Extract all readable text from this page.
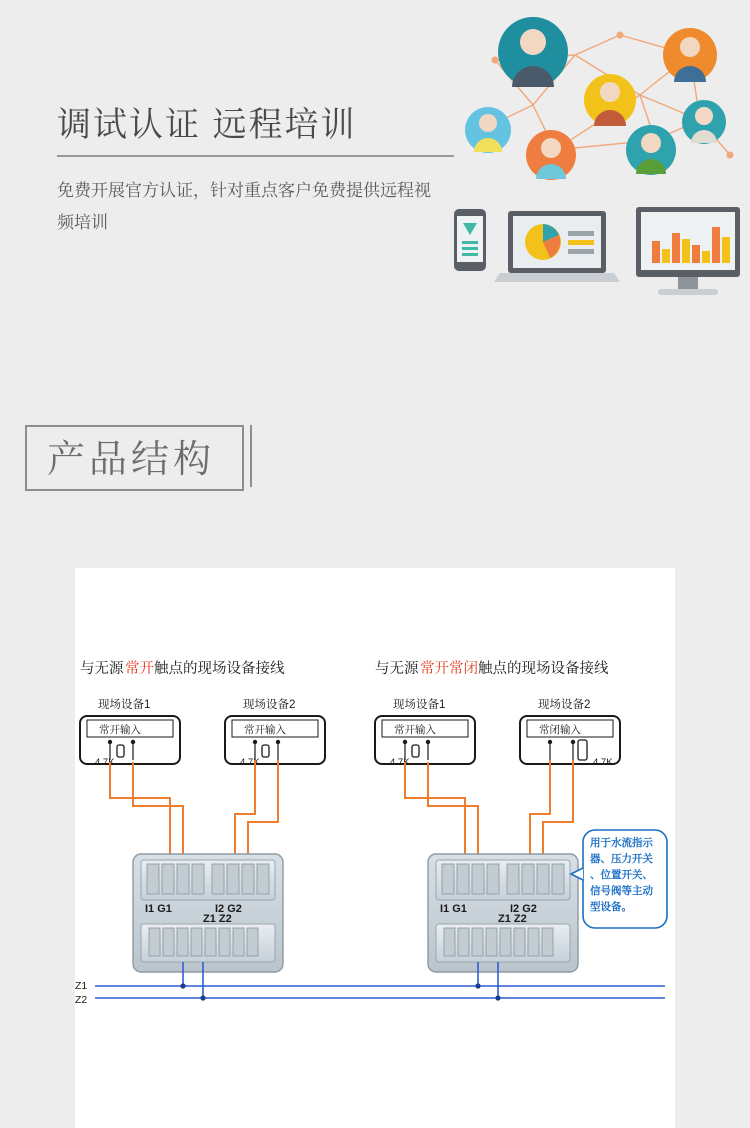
调试认证 远程培训
免费开展官方认证，针对重点客户免费提供远程视频培训
产品结构
与无源 常开 触点的现场设备接线
现场设备1
常开输入
4.7K
现场设备2
常开输入
4.7K
I1 G1	I2 G2
Z1 Z2
与无源 常开常闭 触点的现场设备接线
现场设备1
常开输入
4.7K
现场设备2
常闭输入
4.7K
I1 G1	I2 G2
Z1 Z2
用于水流指示
器、压力开关
、位置开关、
信号阀等主动
型设备。
Z1
Z2
